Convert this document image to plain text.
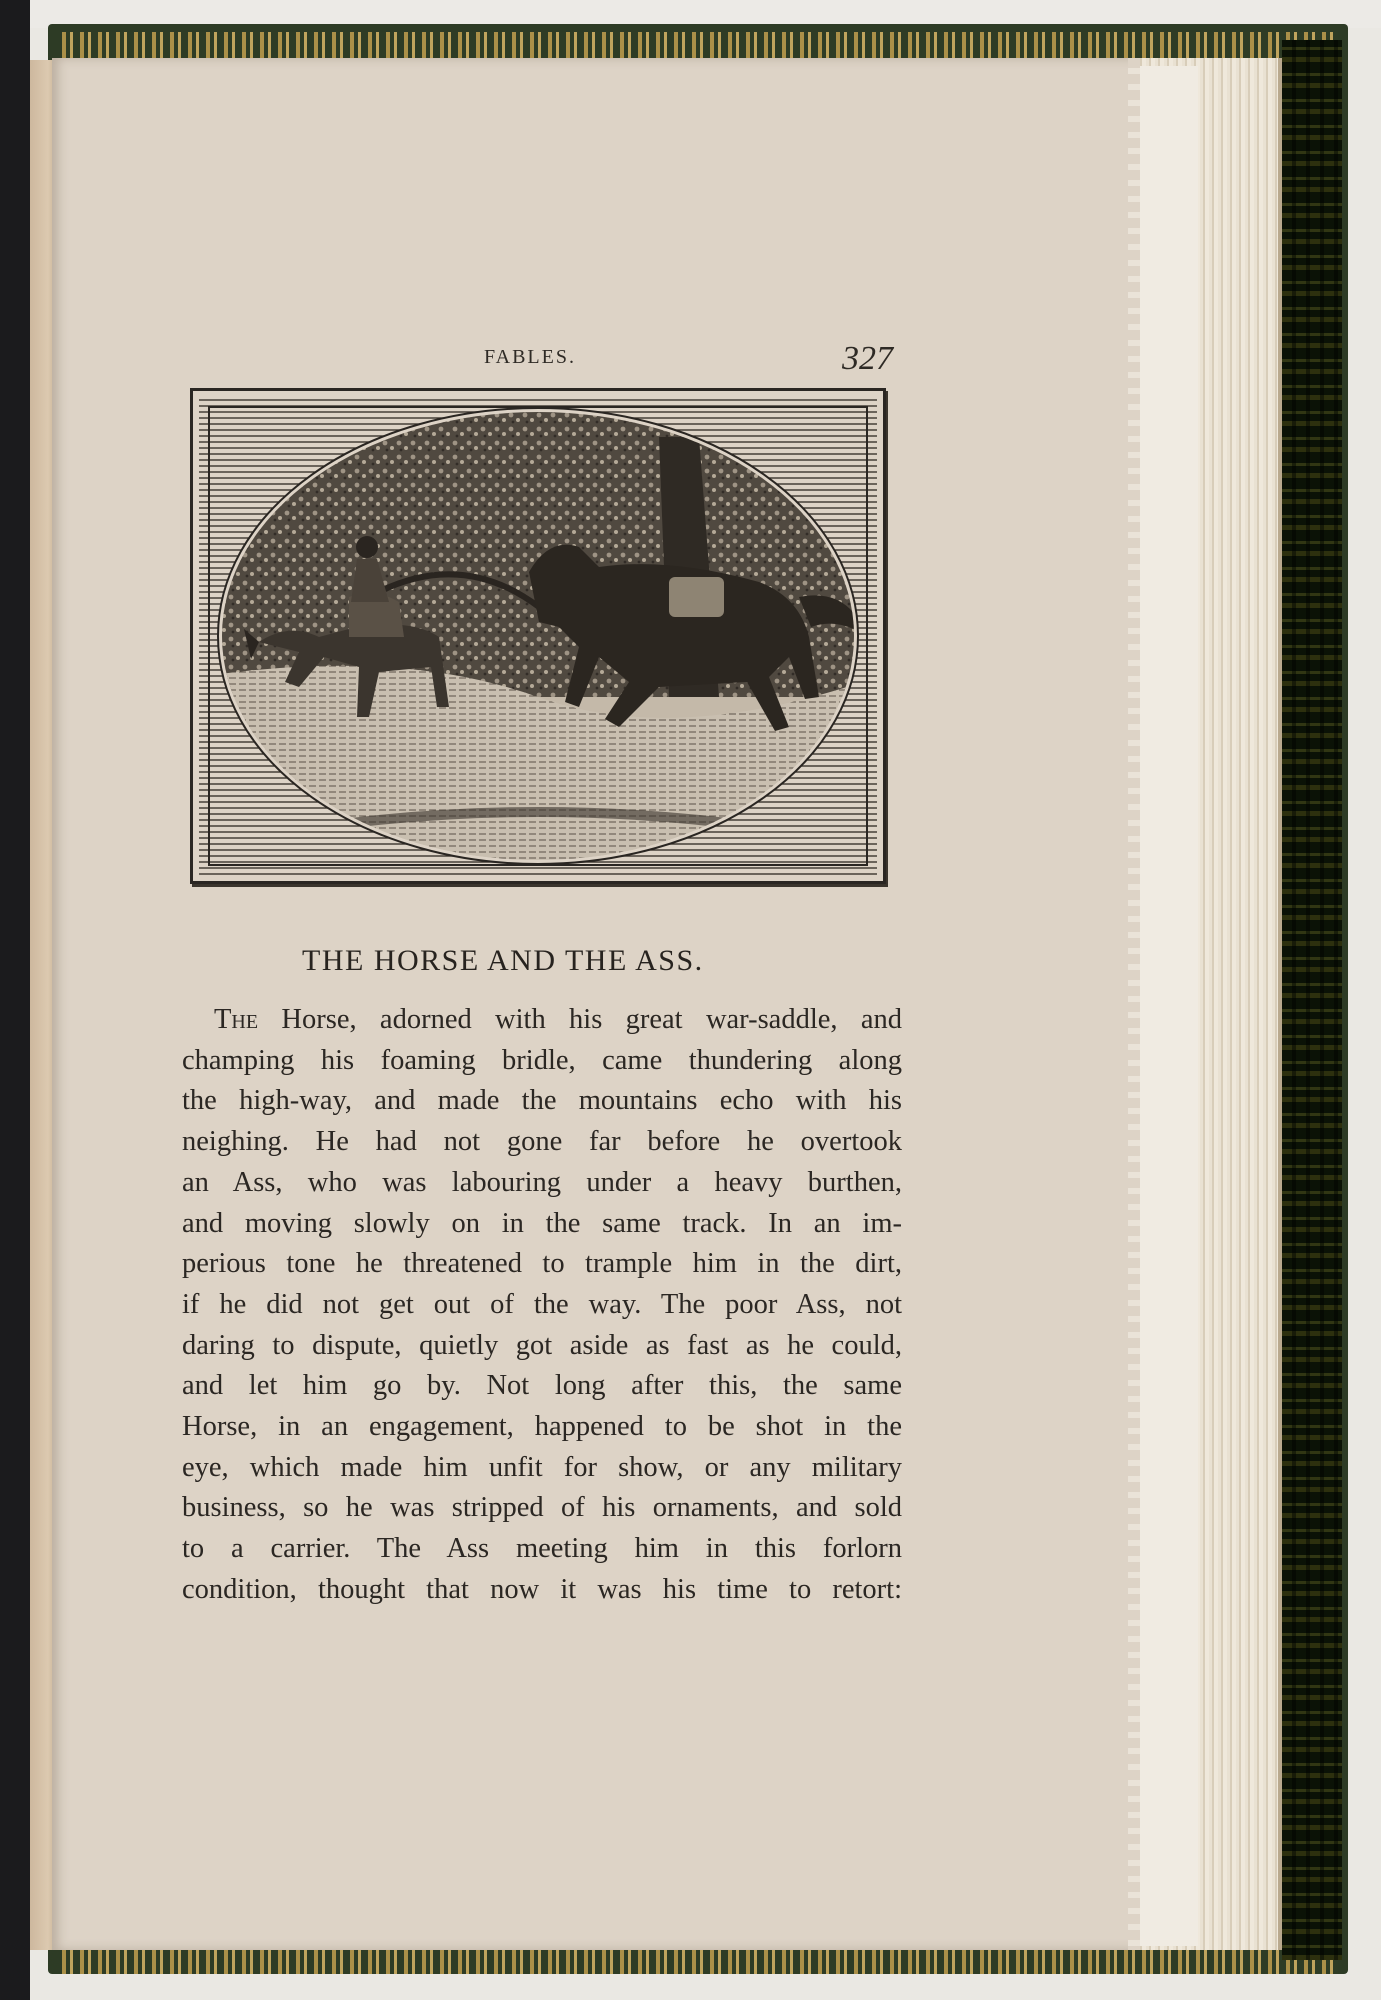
FABLES.	327
THE HORSE AND THE ASS.
The Horse, adorned with his great war-saddle, and
champing his foaming bridle, came thundering along
the high-way, and made the mountains echo with his
neighing. He had not gone far before he overtook
an Ass, who was labouring under a heavy burthen,
and moving slowly on in the same track. In an im-
perious tone he threatened to trample him in the dirt,
if he did not get out of the way. The poor Ass, not
daring to dispute, quietly got aside as fast as he could,
and let him go by. Not long after this, the same
Horse, in an engagement, happened to be shot in the
eye, which made him unfit for show, or any military
business, so he was stripped of his ornaments, and sold
to a carrier. The Ass meeting him in this forlorn
condition, thought that now it was his time to retort:
